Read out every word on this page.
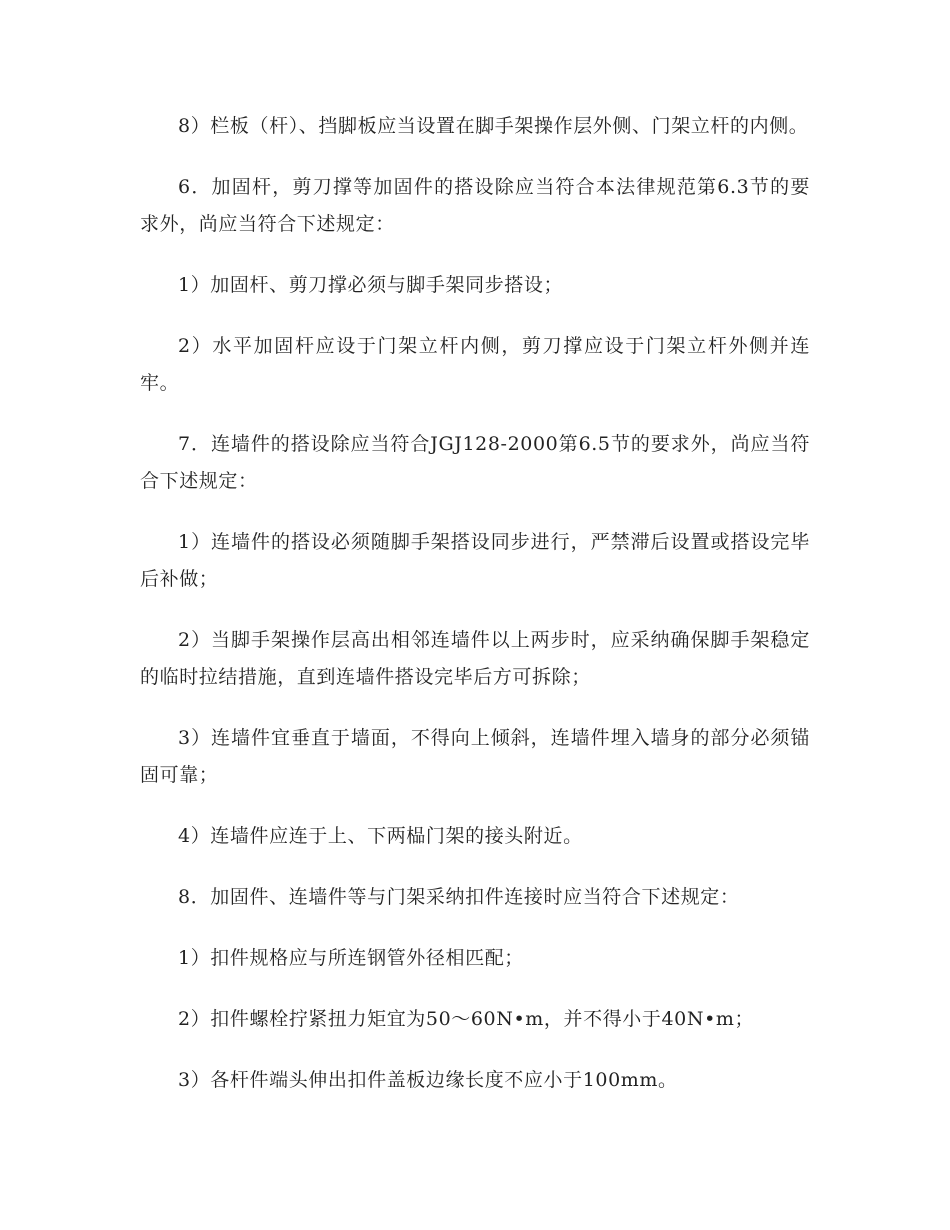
8）栏板（杆）、挡脚板应当设置在脚手架操作层外侧、门架立杆的内侧。

6．加固杆，剪刀撑等加固件的搭设除应当符合本法律规范第6.3节的要求外，尚应当符合下述规定：

1）加固杆、剪刀撑必须与脚手架同步搭设；

2）水平加固杆应设于门架立杆内侧，剪刀撑应设于门架立杆外侧并连牢。

7．连墙件的搭设除应当符合JGJ128-2000第6.5节的要求外，尚应当符合下述规定：

1）连墙件的搭设必须随脚手架搭设同步进行，严禁滞后设置或搭设完毕后补做；

2）当脚手架操作层高出相邻连墙件以上两步时，应采纳确保脚手架稳定的临时拉结措施，直到连墙件搭设完毕后方可拆除；

3）连墙件宜垂直于墙面，不得向上倾斜，连墙件埋入墙身的部分必须锚固可靠；

4）连墙件应连于上、下两榀门架的接头附近。

8．加固件、连墙件等与门架采纳扣件连接时应当符合下述规定：

1）扣件规格应与所连钢管外径相匹配；

2）扣件螺栓拧紧扭力矩宜为50～60N•m，并不得小于40N•m；

3）各杆件端头伸出扣件盖板边缘长度不应小于100mm。
